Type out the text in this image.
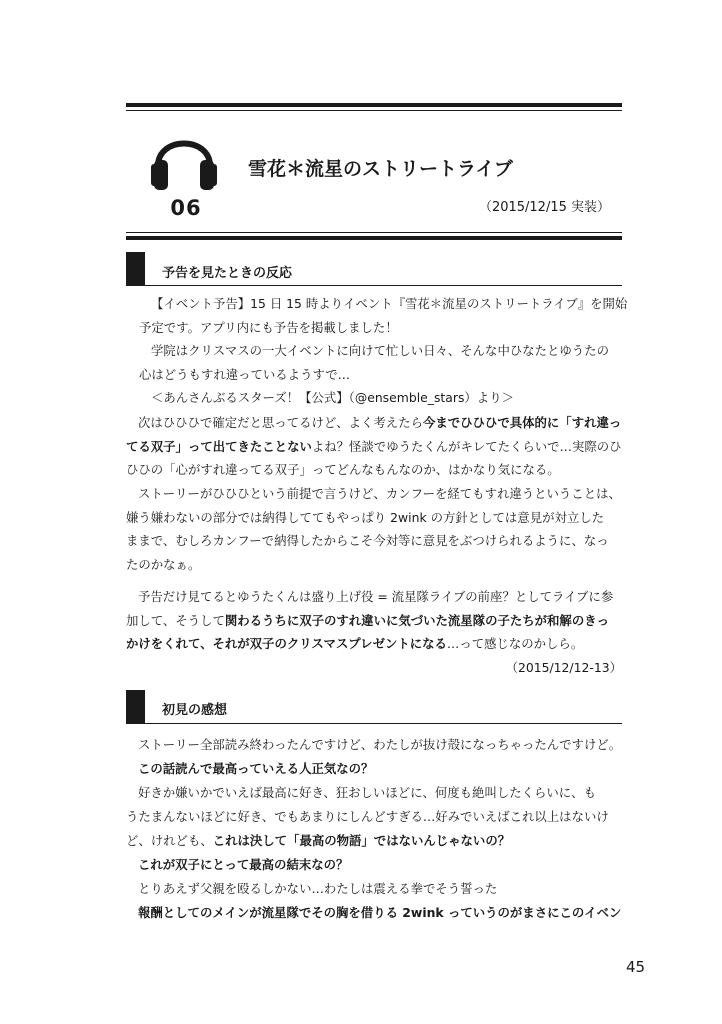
06
雪花＊流星のストリートライブ
（2015/12/15 実装）
予告を見たときの反応
【イベント予告】15 日 15 時よりイベント『雪花＊流星のストリートライブ』を開始
予定です。アプリ内にも予告を掲載しました！
学院はクリスマスの一大イベントに向けて忙しい日々、そんな中ひなたとゆうたの
心はどうもすれ違っているようすで…
＜あんさんぶるスターズ！【公式】（@ensemble_stars）より＞
次はひひひで確定だと思ってるけど、よく考えたら今までひひひで具体的に「すれ違っ
てる双子」って出てきたことないよね？怪談でゆうたくんがキレてたくらいで…実際のひ
ひひの「心がすれ違ってる双子」ってどんなもんなのか、はかなり気になる。
ストーリーがひひひという前提で言うけど、カンフーを経てもすれ違うということは、
嫌う嫌わないの部分では納得しててもやっぱり 2wink の方針としては意見が対立した
ままで、むしろカンフーで納得したからこそ今対等に意見をぶつけられるように、なっ
たのかなぁ。
予告だけ見てるとゆうたくんは盛り上げ役 = 流星隊ライブの前座？としてライブに参
加して、そうして関わるうちに双子のすれ違いに気づいた流星隊の子たちが和解のきっ
かけをくれて、それが双子のクリスマスプレゼントになる…って感じなのかしら。
（2015/12/12-13）
初見の感想
ストーリー全部読み終わったんですけど、わたしが抜け殻になっちゃったんですけど。
この話読んで最高っていえる人正気なの？
好きか嫌いかでいえば最高に好き、狂おしいほどに、何度も絶叫したくらいに、も
うたまんないほどに好き、でもあまりにしんどすぎる…好みでいえばこれ以上はないけ
ど、けれども、これは決して「最高の物語」ではないんじゃないの？
これが双子にとって最高の結末なの？
とりあえず父親を殴るしかない…わたしは震える拳でそう誓った
報酬としてのメインが流星隊でその胸を借りる 2wink っていうのがまさにこのイベン
45
